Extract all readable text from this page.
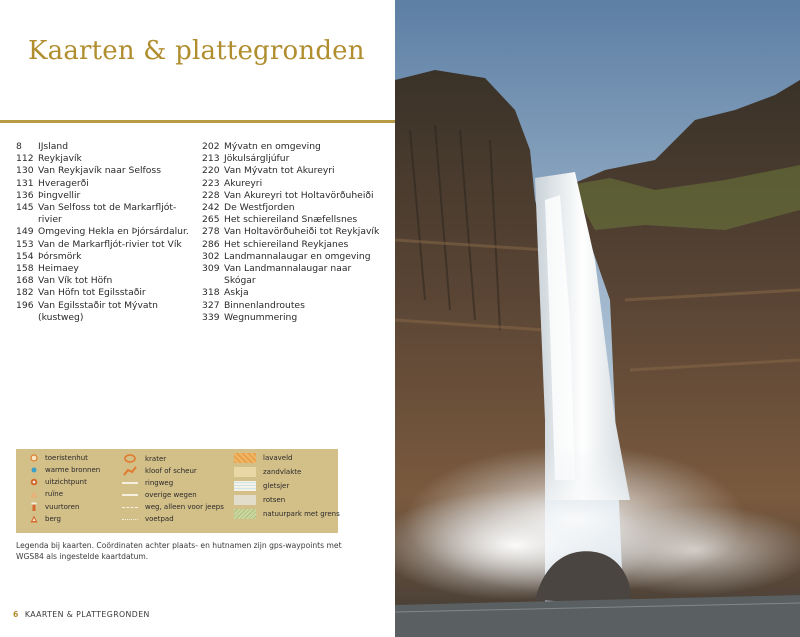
Kaarten & plattegronden
8	IJsland
112 Reykjavík
130 Van Reykjavík naar Selfoss
131 Hveragerði
136 Þingvellir
145 Van Selfoss tot de Markarfljót-
rivier
149 Omgeving Hekla en Þjórsárdalur.
153 Van de Markarfljót-rivier tot Vík
154 Þórsmörk
158 Heimaey
168 Van Vík tot Höfn
182 Van Höfn tot Egilsstaðir
196 Van Egilsstaðir tot Mývatn
(kustweg)
202 Mývatn en omgeving
213 Jökulsárgljúfur
220 Van Mývatn tot Akureyri
223 Akureyri
228 Van Akureyri tot Holtavörðuheiði
242 De Westfjorden
265 Het schiereiland Snæfellsnes
278 Van Holtavörðuheiði tot Reykjavík
286 Het schiereiland Reykjanes
302 Landmannalaugar en omgeving
309 Van Landmannalaugar naar
Skógar
318 Askja
327 Binnenlandroutes
339 Wegnummering
toeristenhut
warme bronnen
uitzichtpunt
ruïne
vuurtoren
berg
krater
kloof of scheur
ringweg
overige wegen
weg, alleen voor jeeps
voetpad
lavaveld
zandvlakte
gletsjer
rotsen
natuurpark met grens
Legenda bij kaarten. Coördinaten achter plaats- en hutnamen zijn gps-waypoints met WGS84 als ingestelde kaartdatum.
6 KAARTEN & PLATTEGRONDEN
